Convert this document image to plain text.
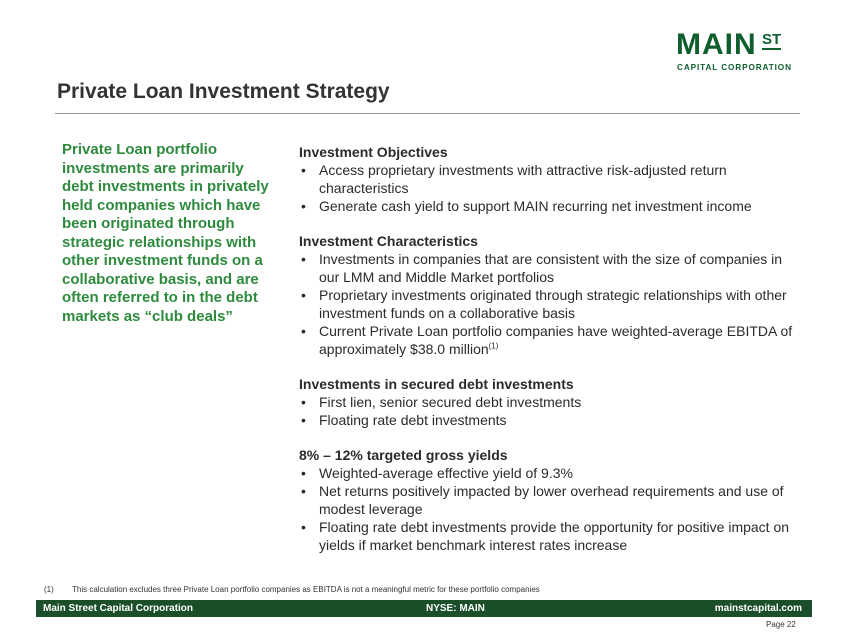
MAIN ST
CAPITAL CORPORATION
Private Loan Investment Strategy

Private Loan portfolio investments are primarily debt investments in privately held companies which have been originated through strategic relationships with other investment funds on a collaborative basis, and are often referred to in the debt markets as “club deals”

Investment Objectives

• Access proprietary investments with attractive risk-adjusted return characteristics
• Generate cash yield to support MAIN recurring net investment income

Investment Characteristics

• Investments in companies that are consistent with the size of companies in our LMM and Middle Market portfolios
• Proprietary investments originated through strategic relationships with other investment funds on a collaborative basis
• Current Private Loan portfolio companies have weighted-average EBITDA of approximately $38.0 million$^{(1)}$

Investments in secured debt investments

• First lien, senior secured debt investments
• Floating rate debt investments

8% – 12% targeted gross yields

• Weighted-average effective yield of 9.3%
• Net returns positively impacted by lower overhead requirements and use of modest leverage
• Floating rate debt investments provide the opportunity for positive impact on yields if market benchmark interest rates increase
(1) This calculation excludes three Private Loan portfolio companies as EBITDA is not a meaningful metric for these portfolio companies
Main Street Capital Corporation	NYSE: MAIN	mainstcapital.com
Page 22
